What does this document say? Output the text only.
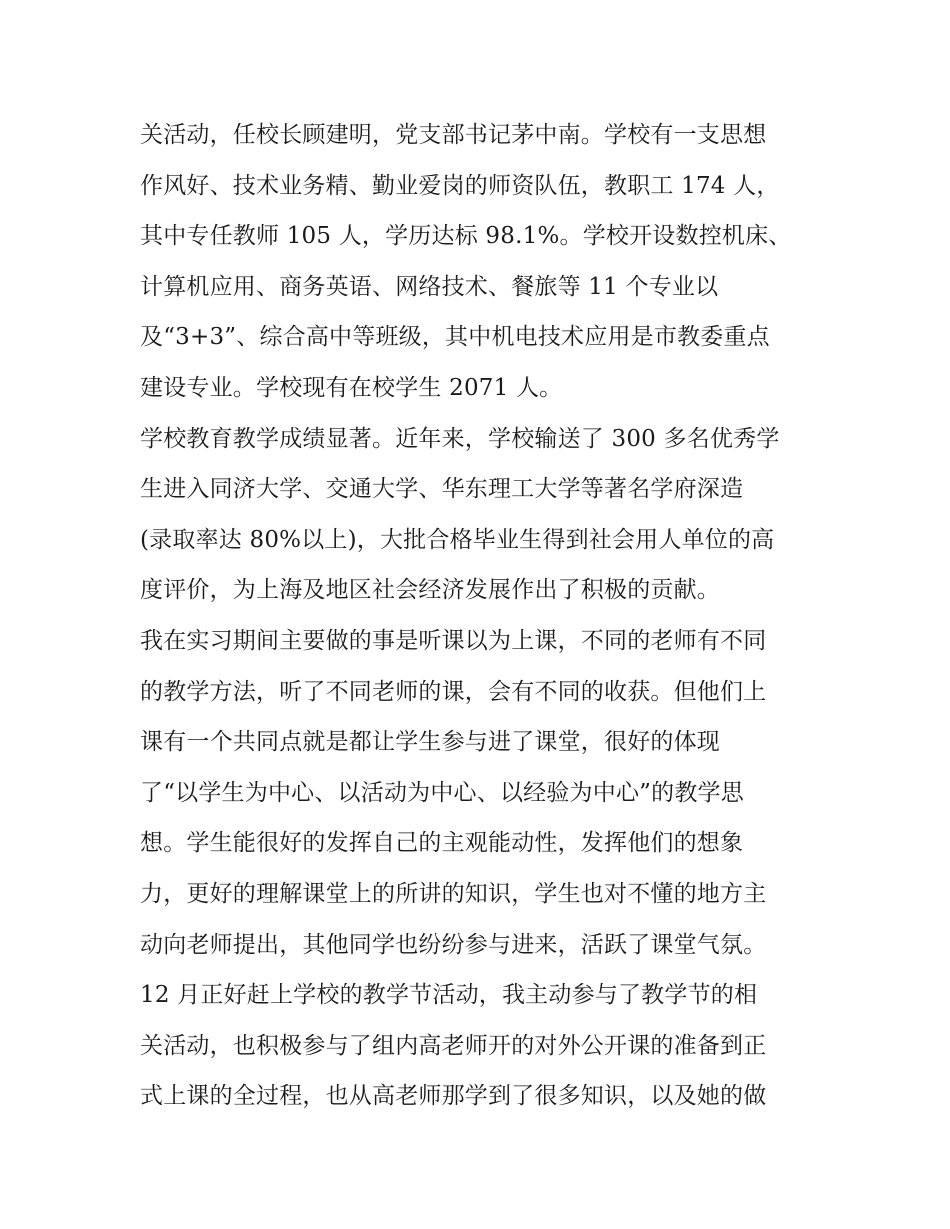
关活动，任校长顾建明，党支部书记茅中南。学校有一支思想
作风好、技术业务精、勤业爱岗的师资队伍，教职工 174 人，
其中专任教师 105 人，学历达标 98.1%。学校开设数控机床、
计算机应用、商务英语、网络技术、餐旅等 11 个专业以
及“3+3”、综合高中等班级，其中机电技术应用是市教委重点
建设专业。学校现有在校学生 2071 人。
学校教育教学成绩显著。近年来，学校输送了 300 多名优秀学
生进入同济大学、交通大学、华东理工大学等著名学府深造
(录取率达 80%以上)，大批合格毕业生得到社会用人单位的高
度评价，为上海及地区社会经济发展作出了积极的贡献。
我在实习期间主要做的事是听课以为上课，不同的老师有不同
的教学方法，听了不同老师的课，会有不同的收获。但他们上
课有一个共同点就是都让学生参与进了课堂，很好的体现
了“以学生为中心、以活动为中心、以经验为中心”的教学思
想。学生能很好的发挥自己的主观能动性，发挥他们的想象
力，更好的理解课堂上的所讲的知识，学生也对不懂的地方主
动向老师提出，其他同学也纷纷参与进来，活跃了课堂气氛。
12 月正好赶上学校的教学节活动，我主动参与了教学节的相
关活动，也积极参与了组内高老师开的对外公开课的准备到正
式上课的全过程，也从高老师那学到了很多知识，以及她的做
